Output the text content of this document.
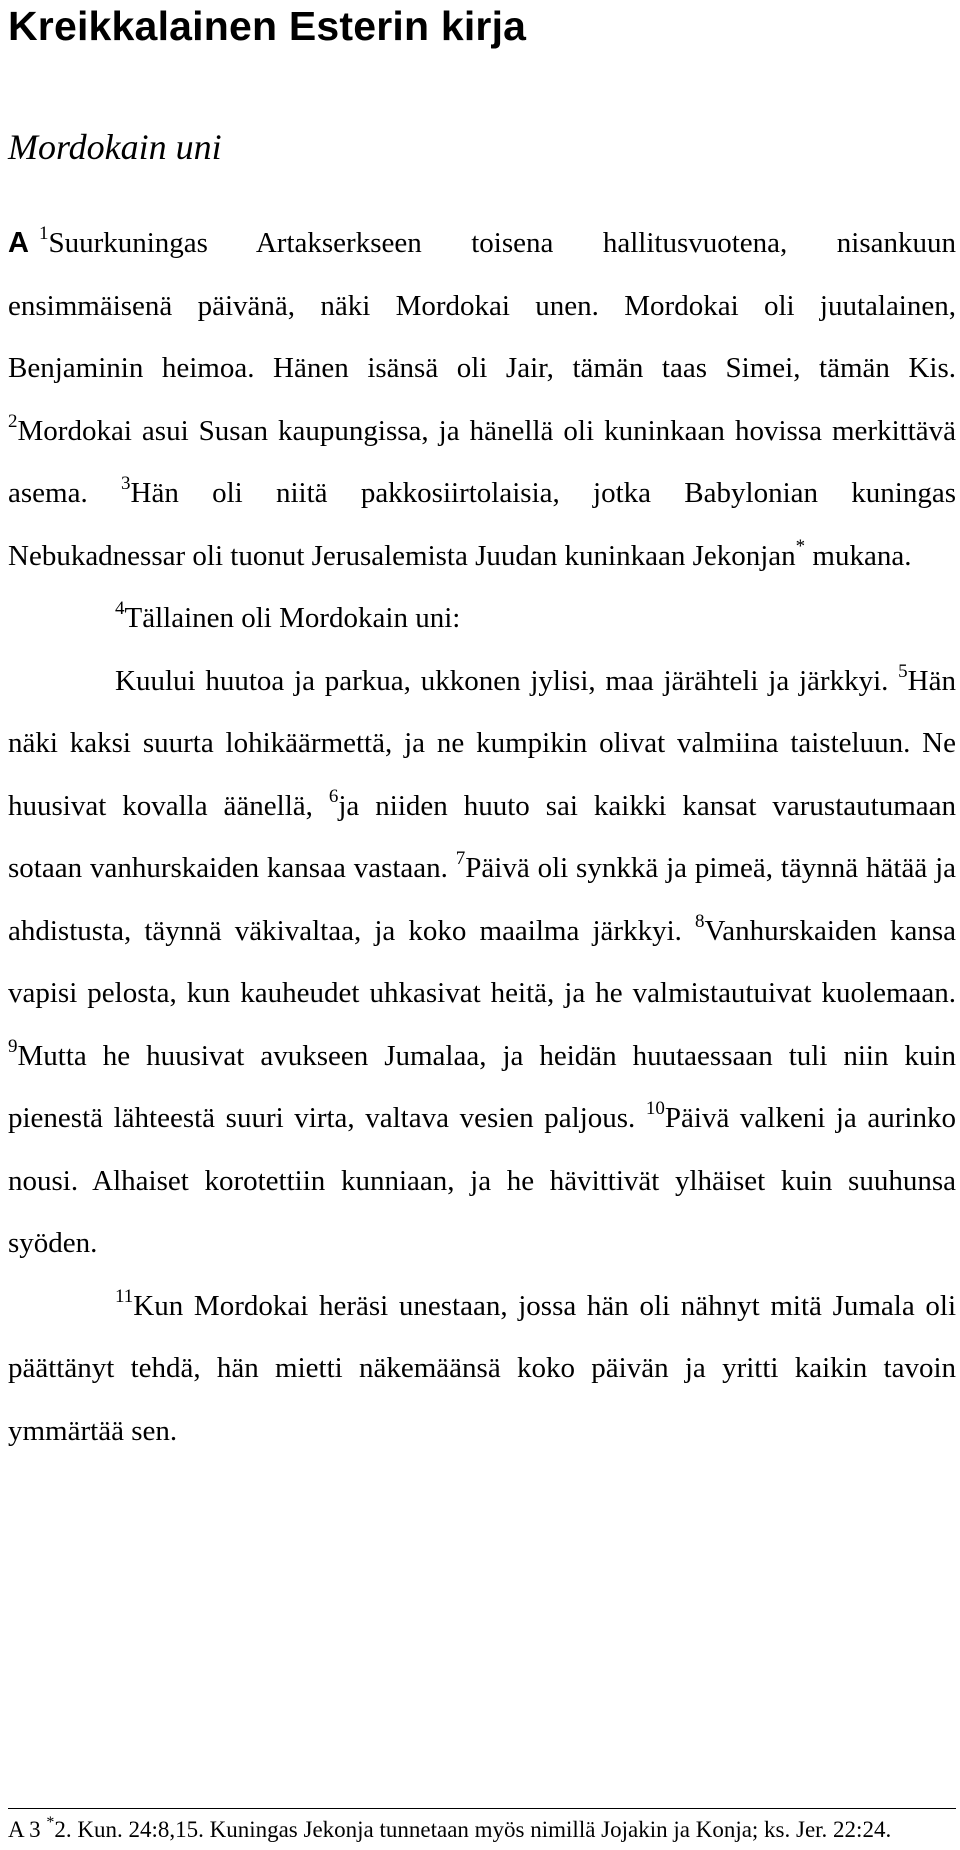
Kreikkalainen Esterin kirja
Mordokain uni

A $^1$Suurkuningas Artakserkseen toisena hallitusvuotena, nisankuun ensimmäisenä päivänä, näki Mordokai unen. Mordokai oli juutalainen, Benjaminin heimoa. Hänen isänsä oli Jair, tämän taas Simei, tämän Kis. $^2$Mordokai asui Susan kaupungissa, ja hänellä oli kuninkaan hovissa merkittävä asema. $^3$Hän oli niitä pakkosiirtolaisia, jotka Babylonian kuningas Nebukadnessar oli tuonut Jerusalemista Juudan kuninkaan Jekonjan* mukana.

$^4$Tällainen oli Mordokain uni:

Kuului huutoa ja parkua, ukkonen jylisi, maa järähteli ja järkkyi. $^5$Hän näki kaksi suurta lohikäärmettä, ja ne kumpikin olivat valmiina taisteluun. Ne huusivat kovalla äänellä, $^6$ja niiden huuto sai kaikki kansat varustautumaan sotaan vanhurskaiden kansaa vastaan. $^7$Päivä oli synkkä ja pimeä, täynnä hätää ja ahdistusta, täynnä väkivaltaa, ja koko maailma järkkyi. $^8$Vanhurskaiden kansa vapisi pelosta, kun kauheudet uhkasivat heitä, ja he valmistautuivat kuolemaan. $^9$Mutta he huusivat avukseen Jumalaa, ja heidän huutaessaan tuli niin kuin pienestä lähteestä suuri virta, valtava vesien paljous. $^{10}$Päivä valkeni ja aurinko nousi. Alhaiset korotettiin kunniaan, ja he hävittivät ylhäiset kuin suuhunsa syöden.

$^{11}$Kun Mordokai heräsi unestaan, jossa hän oli nähnyt mitä Jumala oli päättänyt tehdä, hän mietti näkemäänsä koko päivän ja yritti kaikin tavoin ymmärtää sen.

A 3 *2. Kun. 24:8,15. Kuningas Jekonja tunnetaan myös nimillä Jojakin ja Konja; ks. Jer. 22:24.
